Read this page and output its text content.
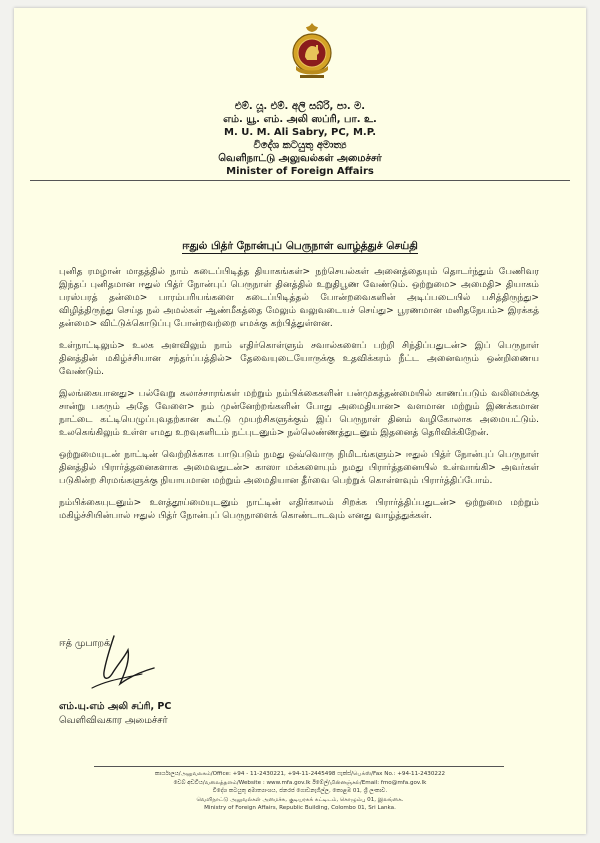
එම්. යූ. එම්. අලි සබ්රි, පා. ම.
எம். யூ. எம். அலி ஸப்ரி, பா. உ.
M. U. M. Ali Sabry, PC, M.P.
විදේශ කටයුතු අමාත්‍ය
வெளிநாட்டு அலுவல்கள் அமைச்சர்
Minister of Foreign Affairs
ஈதுல் பித்ர் நோன்புப் பெருநாள் வாழ்த்துச் செய்தி

புனித ரமழான் மாதத்தில் நாம் கடைப்பிடித்த தியாகங்கள்> நற்செயல்கள் அனைத்தையும் தொடர்ந்தும் பேணிவர இந்தப் புனிதமான ஈதுல் பித்ர் நோன்புப் பெருநாள் தினத்தில் உறுதிபூண வேண்டும். ஒற்றுமை> அமைதி> தியாகம் பரஸ்பரத் தன்மை> பாரம்பரியங்களை கடைப்பிடித்தல் போன்றவைகளின் அடிப்படையில் பசித்திருந்து> விழித்திருந்து செய்த நல் அமல்கள் ஆண்மீகத்தை மேலும் வலுவடையச் செய்து> பூரணமான மனிதநேயம்> இரக்கத் தன்மை> விட்டுக்கொடுப்பு போன்றவற்றை எமக்கு கற்பித்துள்ளன.

உள்நாட்டிலும்> உலக அளவிலும் நாம் எதிர்கொள்ளும் சவால்களைப் பற்றி சிந்திப்பதுடன்> இப் பெருநாள் தினத்தின் மகிழ்ச்சியான சந்தர்ப்பத்தில்> தேவையுடையோருக்கு உதவிக்கரம் நீட்ட அனைவரும் ஒன்றிணைய வேண்டும்.

இலங்கையானது> பல்வேறு கலாச்சாரங்கள் மற்றும் நம்பிக்கைகளின் பன்முகத்தன்மையில் காணப்படும் வலிமைக்கு சான்று பகரும் அதே வேளை> நம் முன்னேற்றங்களின் போது அமைதியான> வளமான மற்றும் இணக்கமான நாட்டை கட்டியெழுப்புவதற்கான கூட்டு முயற்சிகளுக்கும் இப் பெருநாள் தினம் வழிகோலாக அமையட்டும். உலகெங்கிலும் உள்ள எமது உறவுகளிடம் நட்புடனும்> நல்லெண்ணத்துடனும் இதனைத் தெரிவிக்கிறேன்.

ஒற்றுமையுடன் நாட்டின் வெற்றிக்காக பாடுபடும் நமது ஒவ்வொரு நிமிடங்களும்> ஈதுல் பித்ர் நோன்புப் பெருநாள் தினத்தில் பிரார்த்தனைகளாக அமைவதுடன்> காஸா மக்களையும் நமது பிரார்த்தனையில் உள்வாங்கி> அவர்கள் படுகின்ற சிரமங்களுக்கு நியாயமான மற்றும் அமைதியான தீர்வை பெற்றுக் கொள்ளவும் பிரார்த்திப்போம்.

நம்பிக்கையுடனும்> உளத்தூய்மையுடனும் நாட்டின் எதிர்காலம் சிறக்க பிரார்த்திப்பதுடன்> ஒற்றுமை மற்றும் மகிழ்ச்சியின்பால் ஈதுல் பித்ர் நோன்புப் பெருநாளைக் கொண்டாடவும் எனது வாழ்த்துக்கள்.

ஈத் முபாறக்
எம்.யு.எம் அலி சப்ரி, PC
வெளிவிவகார அமைச்சர்
කාර්යාලය/அலுவலகம்/Office: +94 - 11-2430221, +94-11-2445498 ෆැක්ස්/பெக்ஸ்/Fax No.: +94-11-2430222
වෙබ් අඩවිය/வலைத்தளம்/Website : www.mfa.gov.lk ඊමේල්/மின்னஞ்சல்/Email: fmo@mfa.gov.lk
විදේශ කටයුතු අමාත්‍යාංශය, ජනරජ ගොඩනැගිල්ල, කොළඹ 01, ශ්‍රී ලංකාව.
வெளிநாட்டு அலுவல்கள் அமைச்சு, குடியரசுக் கட்டிடம், கொழும்பு 01, இலங்கை.
Ministry of Foreign Affairs, Republic Building, Colombo 01, Sri Lanka.
